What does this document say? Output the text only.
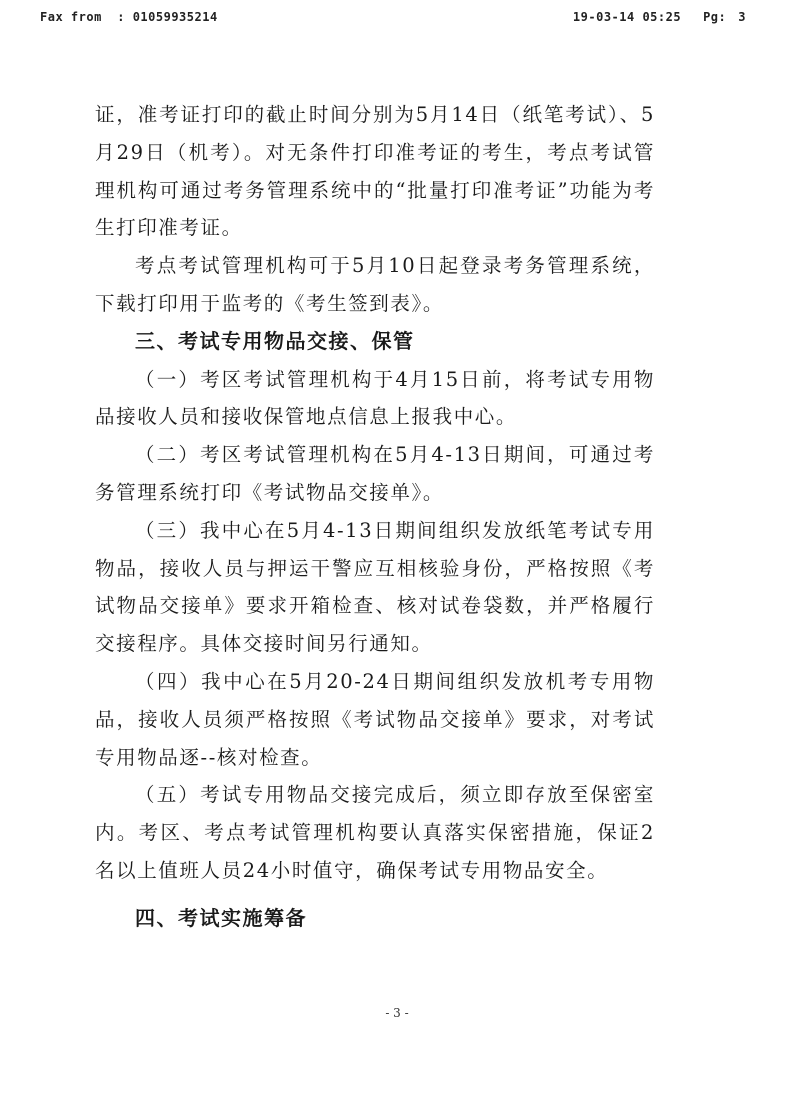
Fax from : 01059935214	19-03-14 05:25 Pg: 3

证，准考证打印的截止时间分别为5月14日（纸笔考试）、5月29日（机考）。对无条件打印准考证的考生，考点考试管理机构可通过考务管理系统中的“批量打印准考证”功能为考生打印准考证。

考点考试管理机构可于5月10日起登录考务管理系统，下载打印用于监考的《考生签到表》。

三、考试专用物品交接、保管

（一）考区考试管理机构于4月15日前，将考试专用物品接收人员和接收保管地点信息上报我中心。

（二）考区考试管理机构在5月4-13日期间，可通过考务管理系统打印《考试物品交接单》。

（三）我中心在5月4-13日期间组织发放纸笔考试专用物品，接收人员与押运干警应互相核验身份，严格按照《考试物品交接单》要求开箱检查、核对试卷袋数，并严格履行交接程序。具体交接时间另行通知。

（四）我中心在5月20-24日期间组织发放机考专用物品，接收人员须严格按照《考试物品交接单》要求，对考试专用物品逐--核对检查。

（五）考试专用物品交接完成后，须立即存放至保密室内。考区、考点考试管理机构要认真落实保密措施，保证2名以上值班人员24小时值守，确保考试专用物品安全。

四、考试实施筹备
- 3 -
